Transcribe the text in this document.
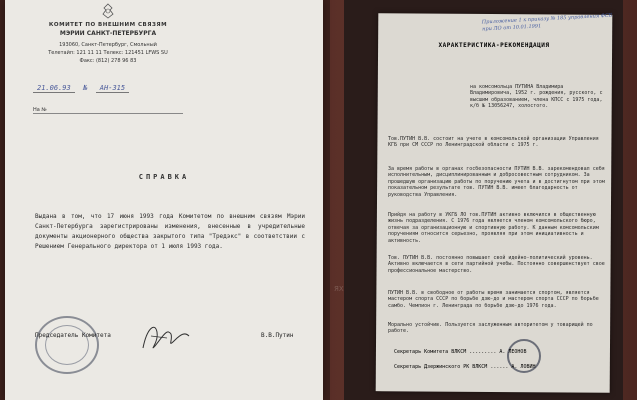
КОМИТЕТ ПО ВНЕШНИМ СВЯЗЯМ
МЭРИИ САНКТ-ПЕТЕРБУРГА
193060, Санкт-Петербург, Смольный
Телетайп: 121 11 11 Телекс: 121451 LFWS SU
Факс: (812) 278 96 83
21.06.93  №  АН-315
На №
СПРАВКА
Выдана в том, что 17 июня 1993 года Комитетом по внешним связям Мэрии Санкт-Петербурга зарегистрированы изменения, внесенные в учредительные документы акционерного общества закрытого типа "Тредэкс" в соответствии с Решением Генерального директора от 1 июля 1993 года.
Председатель Комитета	В.В.Путин
Приложение 1 к приказу № 185 управления ФСБ при ЛО от 10.01.1991
ХАРАКТЕРИСТИКА-РЕКОМЕНДАЦИЯ
на комсомольца ПУТИНА Владимира Владимировича, 1952 г. рождения, русского, с высшим образованием, члена КПСС с 1975 года, к/б № 13056247, холостого.
Тов.ПУТИН В.В. состоит на учете в комсомольской организации Управления КГБ при СМ СССР по Ленинградской области с 1975 г.
За время работы в органах госбезопасности ПУТИН В.В. зарекомендовал себя исполнительным, дисциплинированным и добросовестным сотрудником. За прошедшую организацию работы по поручению учета и в достигнутом при этом показательном результате тов. ПУТИН В.В. имеет благодарность от руководства Управления.
Прийдя на работу в УКГБ ЛО тов.ПУТИН активно включился в общественную жизнь подразделения. С 1976 года является членом комсомольского бюро, отвечая за организационную и спортивную работу. К данным комсомольским поручениям относится серьезно, проявляя при этом инициативность и активность.
Тов. ПУТИН В.В. постоянно повышает свой идейно-политический уровень. Активно включается в сети партийной учебы. Постоянно совершенствует свое профессиональное мастерство.
ПУТИН В.В. в свободное от работы время занимается спортом, является мастером спорта СССР по борьбе дзю-до и мастером спорта СССР по борьбе самбо. Чемпион г. Ленинграда по борьбе дзю-до 1976 года.
Морально устойчив. Пользуется заслуженным авторитетом у товарищей по работе.
Секретарь Комитета ВЛКСМ ......... А. ЛЕОНОВ
Секретарь Дзержинского РК ВЛКСМ ...... А. ЛОВИН
ЯХ
